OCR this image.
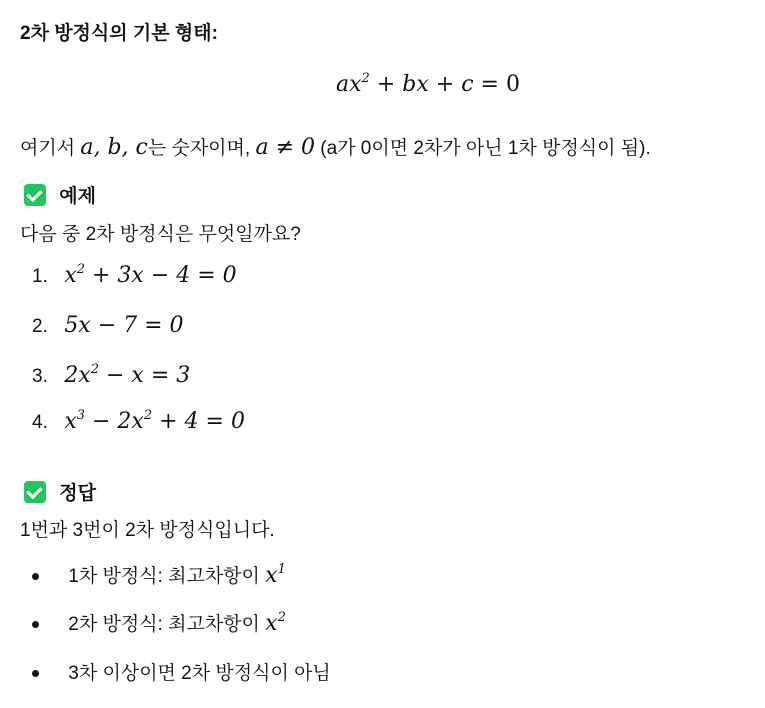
2차 방정식의 기본 형태:
$ax^2$ + bx + c = 0
여기서 a, b, c는 숫자이며, a ≠ 0 (a가 0이면 2차가 아닌 1차 방정식이 됨).
예제
다음 중 2차 방정식은 무엇일까요?
1. $x^2 + 3x - 4 = 0$
2. 5x − 7 = 0
3. $2x^2 - x = 3$
4. $x^3 - 2x^2 + 4 = 0$
정답
1번과 3번이 2차 방정식입니다.
1차 방정식: 최고차항이 $x^1$
2차 방정식: 최고차항이 $x^2$
3차 이상이면 2차 방정식이 아님
